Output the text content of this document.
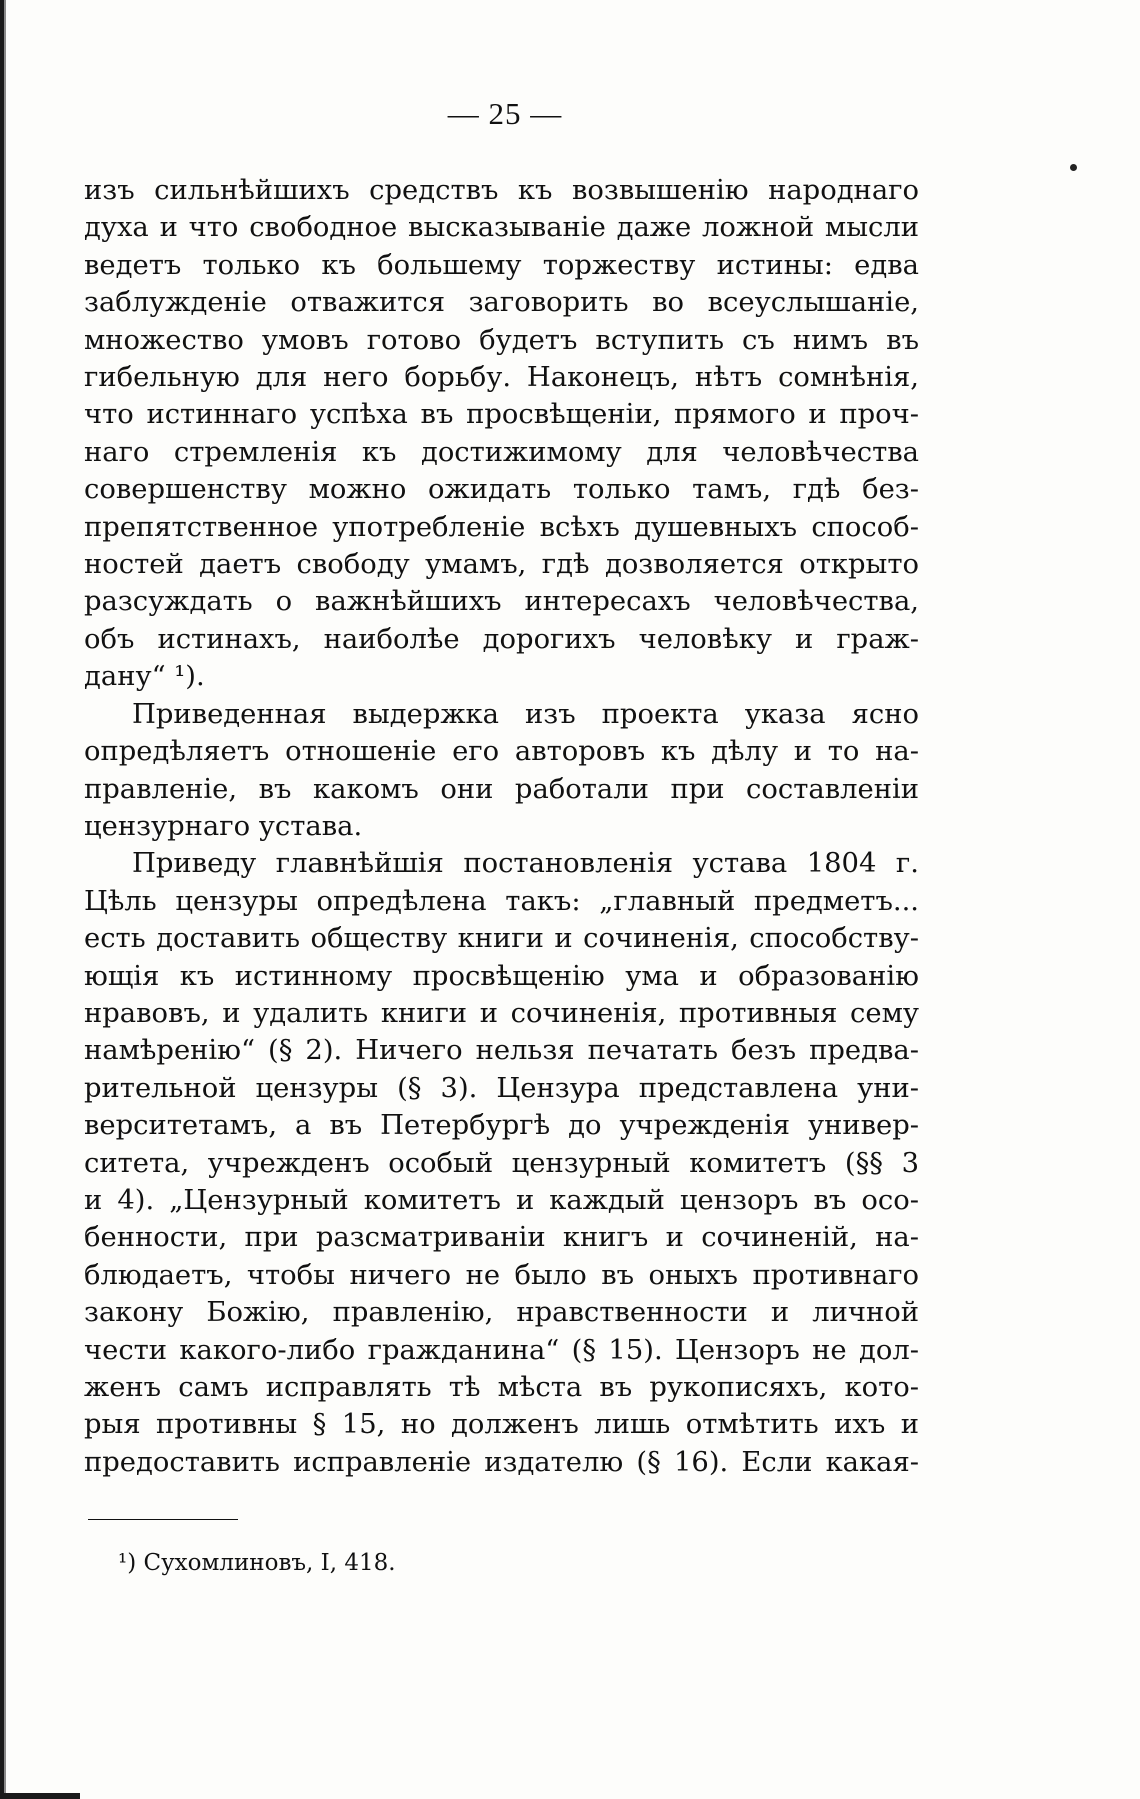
— 25 —
изъ сильнѣйшихъ средствъ къ возвышенію народнаго
духа и что свободное высказываніе даже ложной мысли
ведетъ только къ большему торжеству истины: едва
заблужденіе отважится заговорить во всеуслышаніе,
множество умовъ готово будетъ вступить съ нимъ въ
гибельную для него борьбу. Наконецъ, нѣтъ сомнѣнія,
что истиннаго успѣха въ просвѣщеніи, прямого и проч-
наго стремленія къ достижимому для человѣчества
совершенству можно ожидать только тамъ, гдѣ без-
препятственное употребленіе всѣхъ душевныхъ способ-
ностей даетъ свободу умамъ, гдѣ дозволяется открыто
разсуждать о важнѣйшихъ интересахъ человѣчества,
объ истинахъ, наиболѣе дорогихъ человѣку и граж-
дану“ ¹).
Приведенная выдержка изъ проекта указа ясно
опредѣляетъ отношеніе его авторовъ къ дѣлу и то на-
правленіе, въ какомъ они работали при составленіи
цензурнаго устава.
Приведу главнѣйшія постановленія устава 1804 г.
Цѣль цензуры опредѣлена такъ: „главный предметъ...
есть доставить обществу книги и сочиненія, способству-
ющія къ истинному просвѣщенію ума и образованію
нравовъ, и удалить книги и сочиненія, противныя сему
намѣренію“ (§ 2). Ничего нельзя печатать безъ предва-
рительной цензуры (§ 3). Цензура представлена уни-
верситетамъ, а въ Петербургѣ до учрежденія универ-
ситета, учрежденъ особый цензурный комитетъ (§§ 3
и 4). „Цензурный комитетъ и каждый цензоръ въ осо-
бенности, при разсматриваніи книгъ и сочиненій, на-
блюдаетъ, чтобы ничего не было въ оныхъ противнаго
закону Божію, правленію, нравственности и личной
чести какого-либо гражданина“ (§ 15). Цензоръ не дол-
женъ самъ исправлять тѣ мѣста въ рукописяхъ, кото-
рыя противны § 15, но долженъ лишь отмѣтить ихъ и
предоставить исправленіе издателю (§ 16). Если какая-
¹) Сухомлиновъ, I, 418.
